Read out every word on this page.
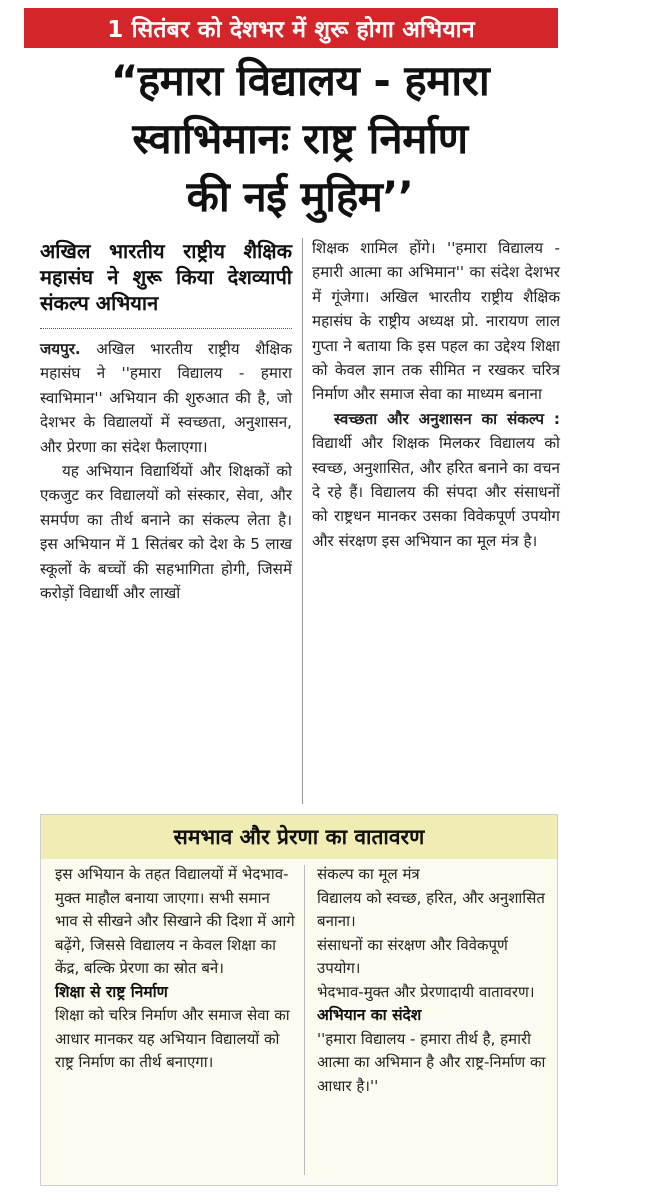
1 सितंबर को देशभर में शुरू होगा अभियान
“हमारा विद्यालय - हमारा
स्वाभिमानः राष्ट्र निर्माण
की नई मुहिम’’

अखिल भारतीय राष्ट्रीय शैक्षिक महासंघ ने शुरू किया देशव्यापी संकल्प अभियान

जयपुर. अखिल भारतीय राष्ट्रीय शैक्षिक महासंघ ने ''हमारा विद्यालय - हमारा स्वाभिमान'' अभियान की शुरुआत की है, जो देशभर के विद्यालयों में स्वच्छता, अनुशासन, और प्रेरणा का संदेश फैलाएगा।

यह अभियान विद्यार्थियों और शिक्षकों को एकजुट कर विद्यालयों को संस्कार, सेवा, और समर्पण का तीर्थ बनाने का संकल्प लेता है। इस अभियान में 1 सितंबर को देश के 5 लाख स्कूलों के बच्चों की सहभागिता होगी, जिसमें करोड़ों विद्यार्थी और लाखों

शिक्षक शामिल होंगे। ''हमारा विद्यालय - हमारी आत्मा का अभिमान'' का संदेश देशभर में गूंजेगा। अखिल भारतीय राष्ट्रीय शैक्षिक महासंघ के राष्ट्रीय अध्यक्ष प्रो. नारायण लाल गुप्ता ने बताया कि इस पहल का उद्देश्य शिक्षा को केवल ज्ञान तक सीमित न रखकर चरित्र निर्माण और समाज सेवा का माध्यम बनाना

स्वच्छता और अनुशासन का संकल्प : विद्यार्थी और शिक्षक मिलकर विद्यालय को स्वच्छ, अनुशासित, और हरित बनाने का वचन दे रहे हैं। विद्यालय की संपदा और संसाधनों को राष्ट्रधन मानकर उसका विवेकपूर्ण उपयोग और संरक्षण इस अभियान का मूल मंत्र है।

समभाव और प्रेरणा का वातावरण

इस अभियान के तहत विद्यालयों में भेदभाव-मुक्त माहौल बनाया जाएगा। सभी समान भाव से सीखने और सिखाने की दिशा में आगे बढ़ेंगे, जिससे विद्यालय न केवल शिक्षा का केंद्र, बल्कि प्रेरणा का स्रोत बने।

शिक्षा से राष्ट्र निर्माण

शिक्षा को चरित्र निर्माण और समाज सेवा का आधार मानकर यह अभियान विद्यालयों को राष्ट्र निर्माण का तीर्थ बनाएगा।

संकल्प का मूल मंत्र

विद्यालय को स्वच्छ, हरित, और अनुशासित बनाना।

संसाधनों का संरक्षण और विवेकपूर्ण उपयोग।

भेदभाव-मुक्त और प्रेरणादायी वातावरण।

अभियान का संदेश

''हमारा विद्यालय - हमारा तीर्थ है, हमारी आत्मा का अभिमान है और राष्ट्र-निर्माण का आधार है।''
